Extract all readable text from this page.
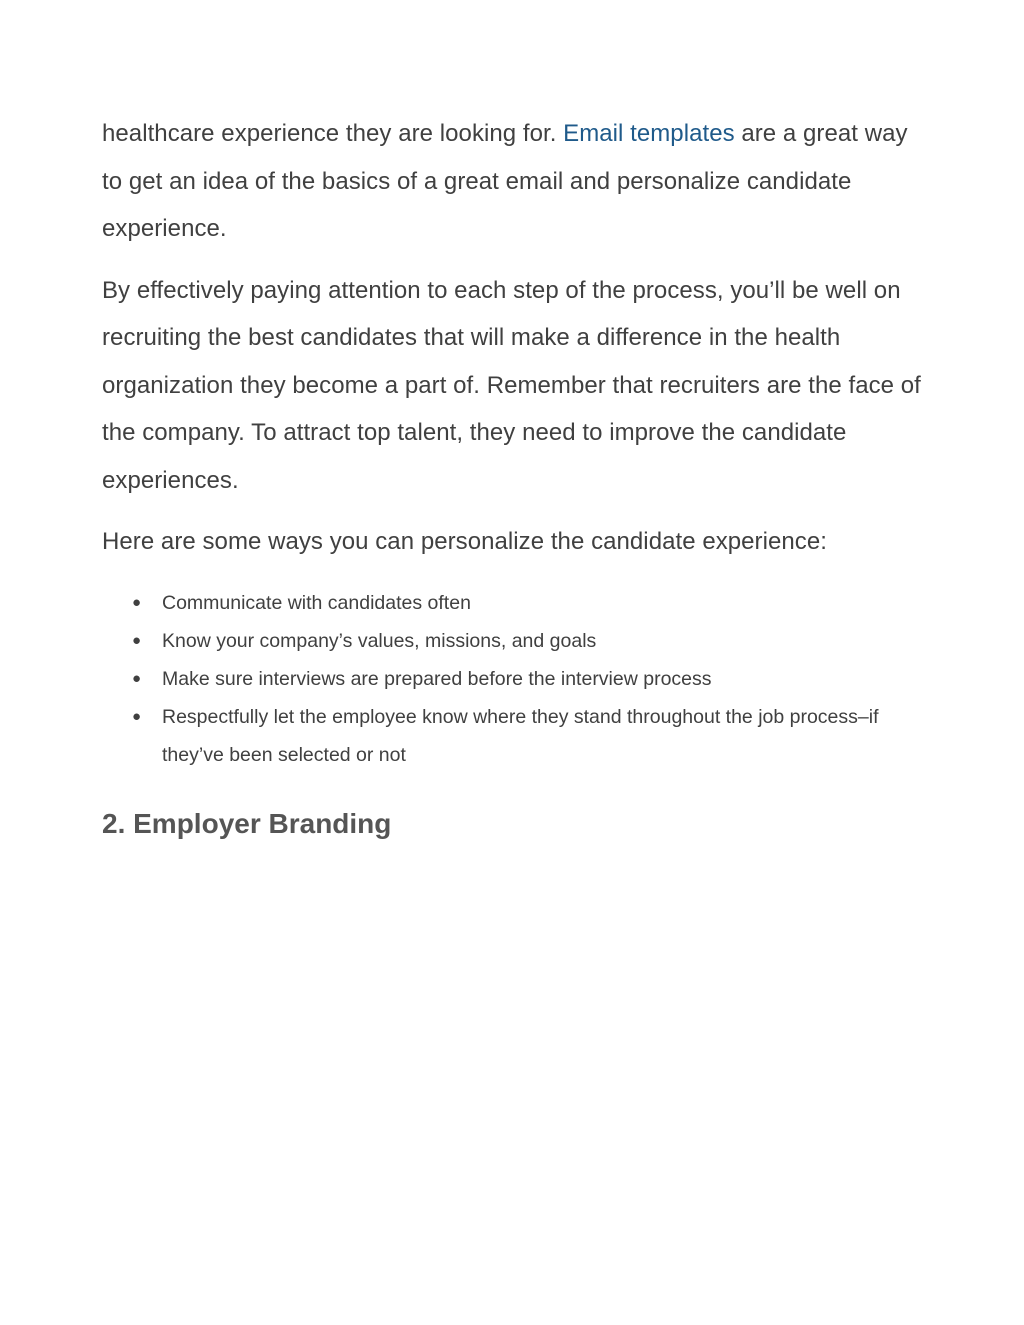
healthcare experience they are looking for. Email templates are a great way to get an idea of the basics of a great email and personalize candidate experience.

By effectively paying attention to each step of the process, you’ll be well on recruiting the best candidates that will make a difference in the health organization they become a part of. Remember that recruiters are the face of the company. To attract top talent, they need to improve the candidate experiences.

Here are some ways you can personalize the candidate experience:

● Communicate with candidates often
● Know your company’s values, missions, and goals
● Make sure interviews are prepared before the interview process
● Respectfully let the employee know where they stand throughout the job process–if they’ve been selected or not
2. Employer Branding
